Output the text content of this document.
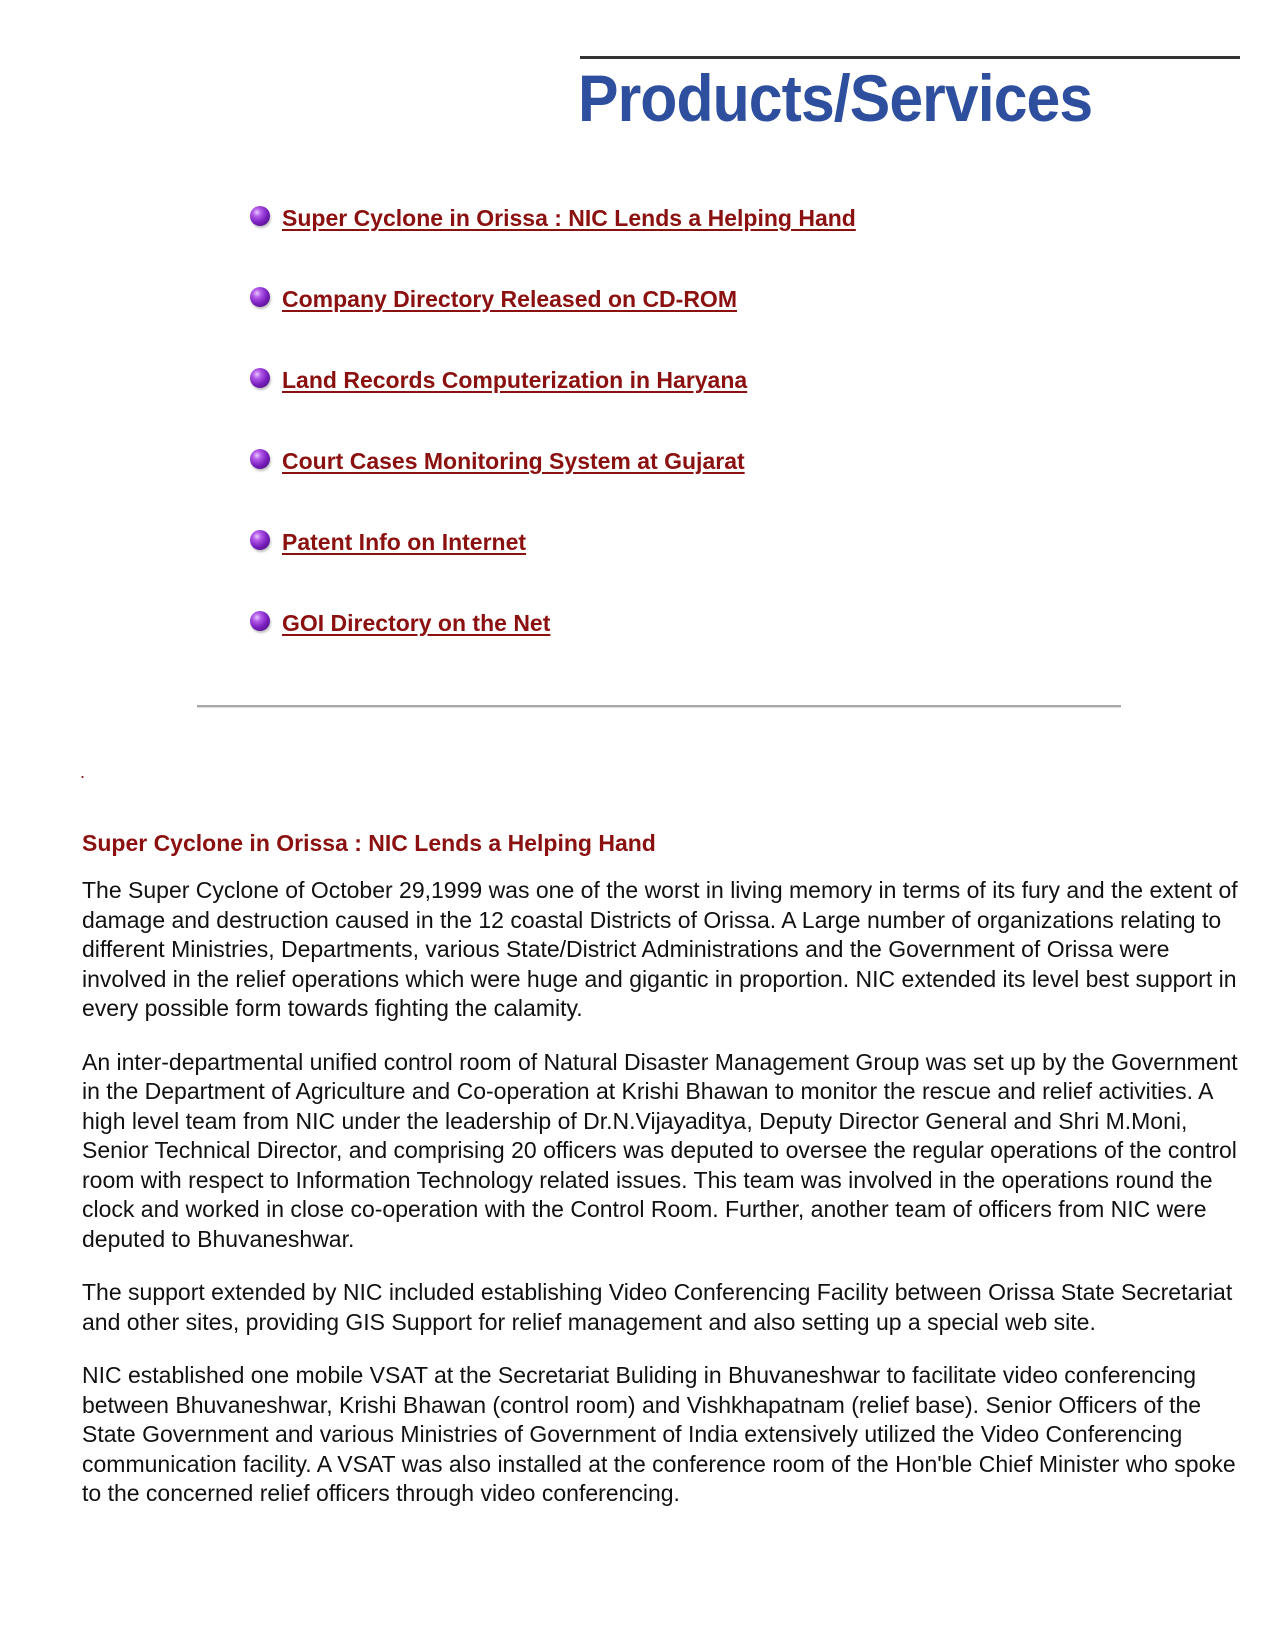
Products/Services
Super Cyclone in Orissa : NIC Lends a Helping Hand
Company Directory Released on CD-ROM
Land Records Computerization in Haryana
Court Cases Monitoring System at Gujarat
Patent Info on Internet
GOI Directory on the Net
.
Super Cyclone in Orissa : NIC Lends a Helping Hand

The Super Cyclone of October 29,1999 was one of the worst in living memory in terms of its fury and the extent of damage and destruction caused in the 12 coastal Districts of Orissa. A Large number of organizations relating to different Ministries, Departments, various State/District Administrations and the Government of Orissa were involved in the relief operations which were huge and gigantic in proportion. NIC extended its level best support in every possible form towards fighting the calamity.

An inter-departmental unified control room of Natural Disaster Management Group was set up by the Government in the Department of Agriculture and Co-operation at Krishi Bhawan to monitor the rescue and relief activities. A high level team from NIC under the leadership of Dr.N.Vijayaditya, Deputy Director General and Shri M.Moni, Senior Technical Director, and comprising 20 officers was deputed to oversee the regular operations of the control room with respect to Information Technology related issues. This team was involved in the operations round the clock and worked in close co-operation with the Control Room. Further, another team of officers from NIC were deputed to Bhuvaneshwar.

The support extended by NIC included establishing Video Conferencing Facility between Orissa State Secretariat and other sites, providing GIS Support for relief management and also setting up a special web site.

NIC established one mobile VSAT at the Secretariat Buliding in Bhuvaneshwar to facilitate video conferencing between Bhuvaneshwar, Krishi Bhawan (control room) and Vishkhapatnam (relief base). Senior Officers of the State Government and various Ministries of Government of India extensively utilized the Video Conferencing communication facility. A VSAT was also installed at the conference room of the Hon'ble Chief Minister who spoke to the concerned relief officers through video conferencing.
